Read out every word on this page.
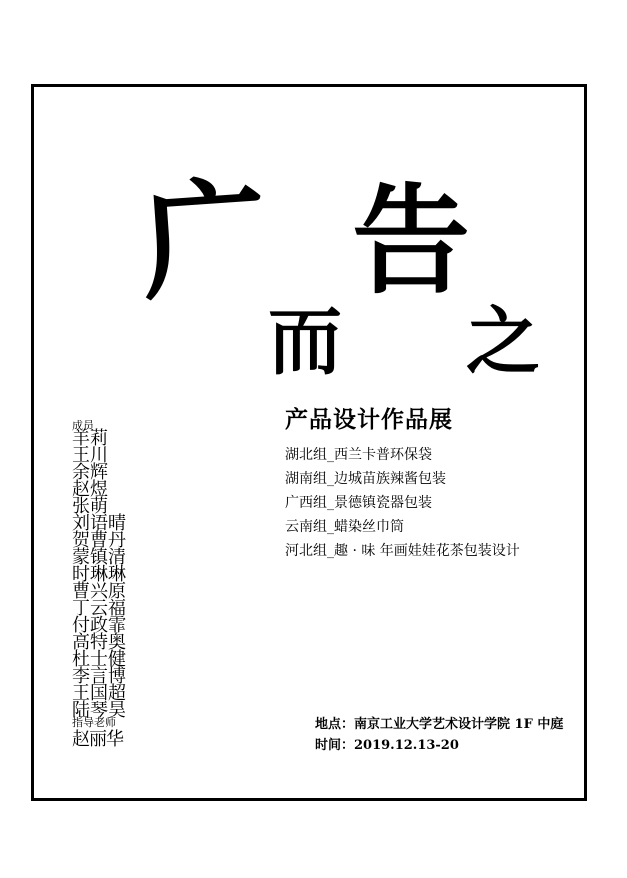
广 告
而 之
产品设计作品展
湖北组_西兰卡普环保袋
湖南组_边城苗族辣酱包装
广西组_景德镇瓷器包装
云南组_蜡染丝巾筒
河北组_趣 · 味 年画娃娃花茶包装设计
成员
羊
王
余
赵
张
刘
贺
蒙
时
曹
丁
付
高
杜
李
王
陆
莉
川
辉
煜
萌
语
曹
镇
琳
兴
云
政
特
士
言
国
琴
晴
丹
清
琳
原
福
霏
奥
健
博
超
昊
指导老师
赵丽华
地点：南京工业大学艺术设计学院 1F 中庭
时间：2019.12.13-20
